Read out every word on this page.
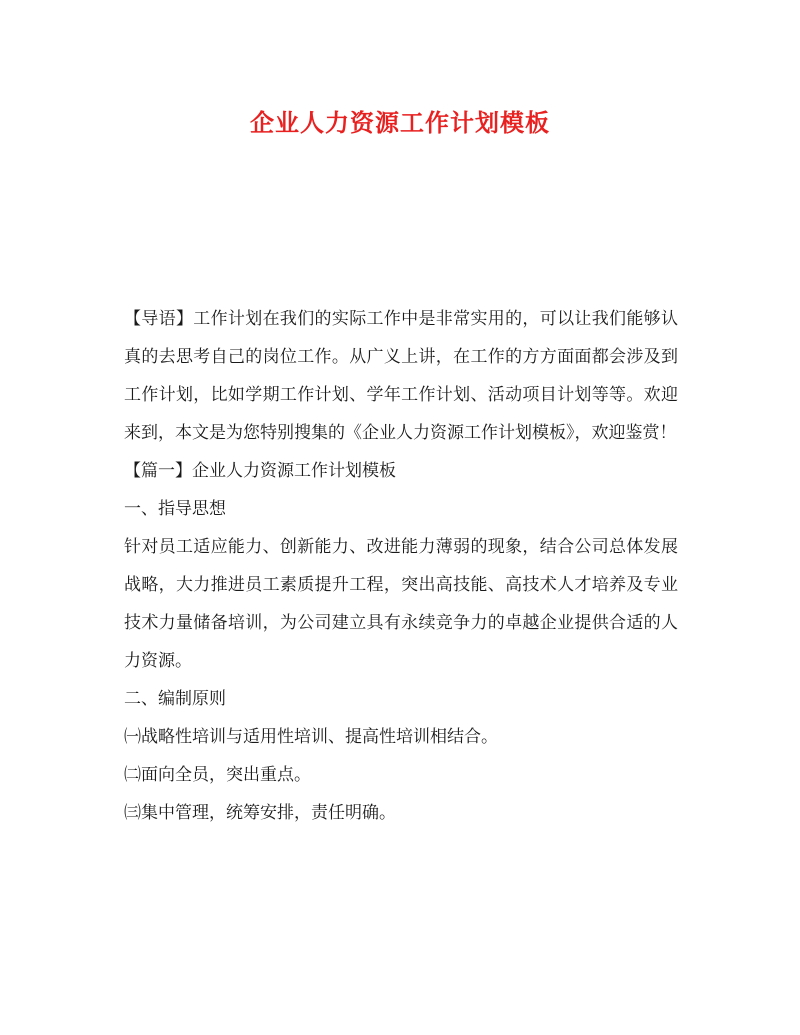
企业人力资源工作计划模板

【导语】工作计划在我们的实际工作中是非常实用的，可以让我们能够认真的去思考自己的岗位工作。从广义上讲，在工作的方方面面都会涉及到工作计划，比如学期工作计划、学年工作计划、活动项目计划等等。欢迎来到，本文是为您特别搜集的《企业人力资源工作计划模板》，欢迎鉴赏！

【篇一】企业人力资源工作计划模板

一、指导思想

针对员工适应能力、创新能力、改进能力薄弱的现象，结合公司总体发展战略，大力推进员工素质提升工程，突出高技能、高技术人才培养及专业技术力量储备培训，为公司建立具有永续竞争力的卓越企业提供合适的人力资源。

二、编制原则

㈠战略性培训与适用性培训、提高性培训相结合。

㈡面向全员，突出重点。

㈢集中管理，统筹安排，责任明确。
